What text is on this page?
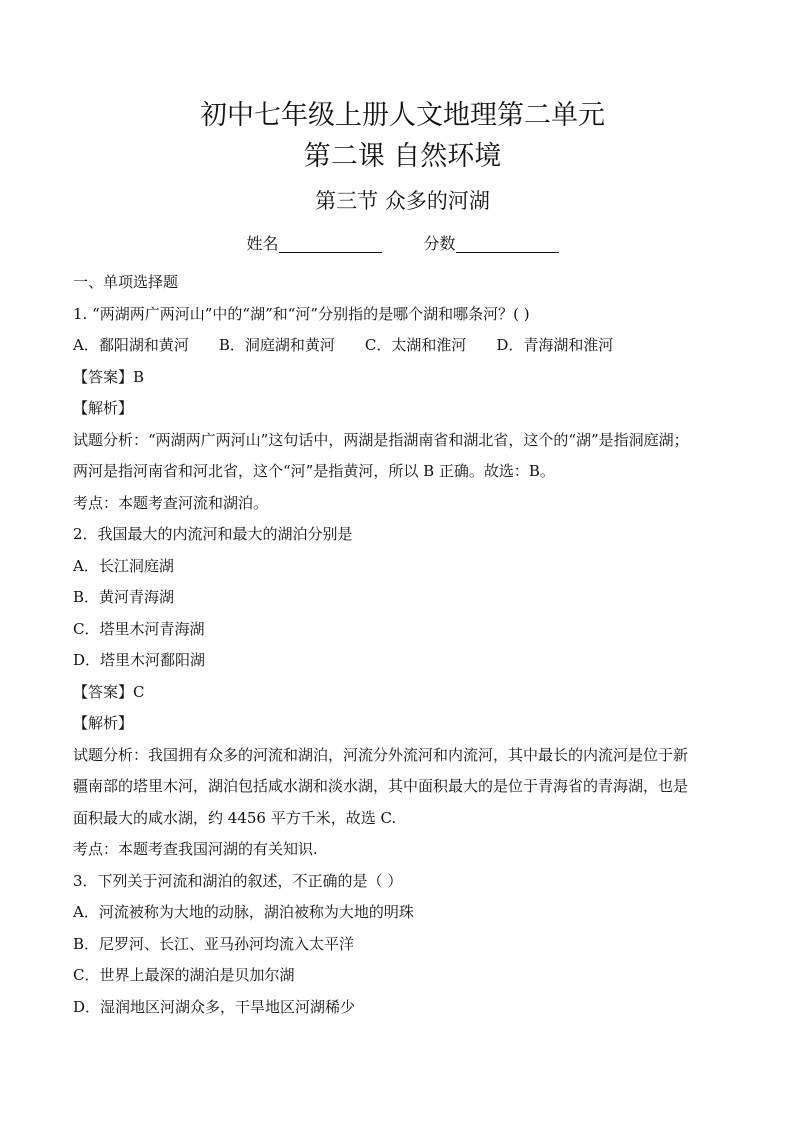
初中七年级上册人文地理第二单元
第二课 自然环境
第三节 众多的河湖
姓名	分数
一、单项选择题
1. “两湖两广两河山”中的“湖”和“河”分别指的是哪个湖和哪条河？( )
A．鄱阳湖和黄河 B．洞庭湖和黄河 C．太湖和淮河 D．青海湖和淮河
【答案】B
【解析】
试题分析：“两湖两广两河山”这句话中，两湖是指湖南省和湖北省，这个的“湖”是指洞庭湖；
两河是指河南省和河北省，这个“河”是指黄河，所以 B 正确。故选：B。
考点：本题考查河流和湖泊。
2．我国最大的内流河和最大的湖泊分别是
A．长江洞庭湖
B．黄河青海湖
C．塔里木河青海湖
D．塔里木河鄱阳湖
【答案】C
【解析】
试题分析：我国拥有众多的河流和湖泊，河流分外流河和内流河，其中最长的内流河是位于新
疆南部的塔里木河，湖泊包括咸水湖和淡水湖，其中面积最大的是位于青海省的青海湖，也是
面积最大的咸水湖，约 4456 平方千米，故选 C.
考点：本题考查我国河湖的有关知识.
3．下列关于河流和湖泊的叙述，不正确的是（ ）
A．河流被称为大地的动脉，湖泊被称为大地的明珠
B．尼罗河、长江、亚马孙河均流入太平洋
C．世界上最深的湖泊是贝加尔湖
D．湿润地区河湖众多，干旱地区河湖稀少
